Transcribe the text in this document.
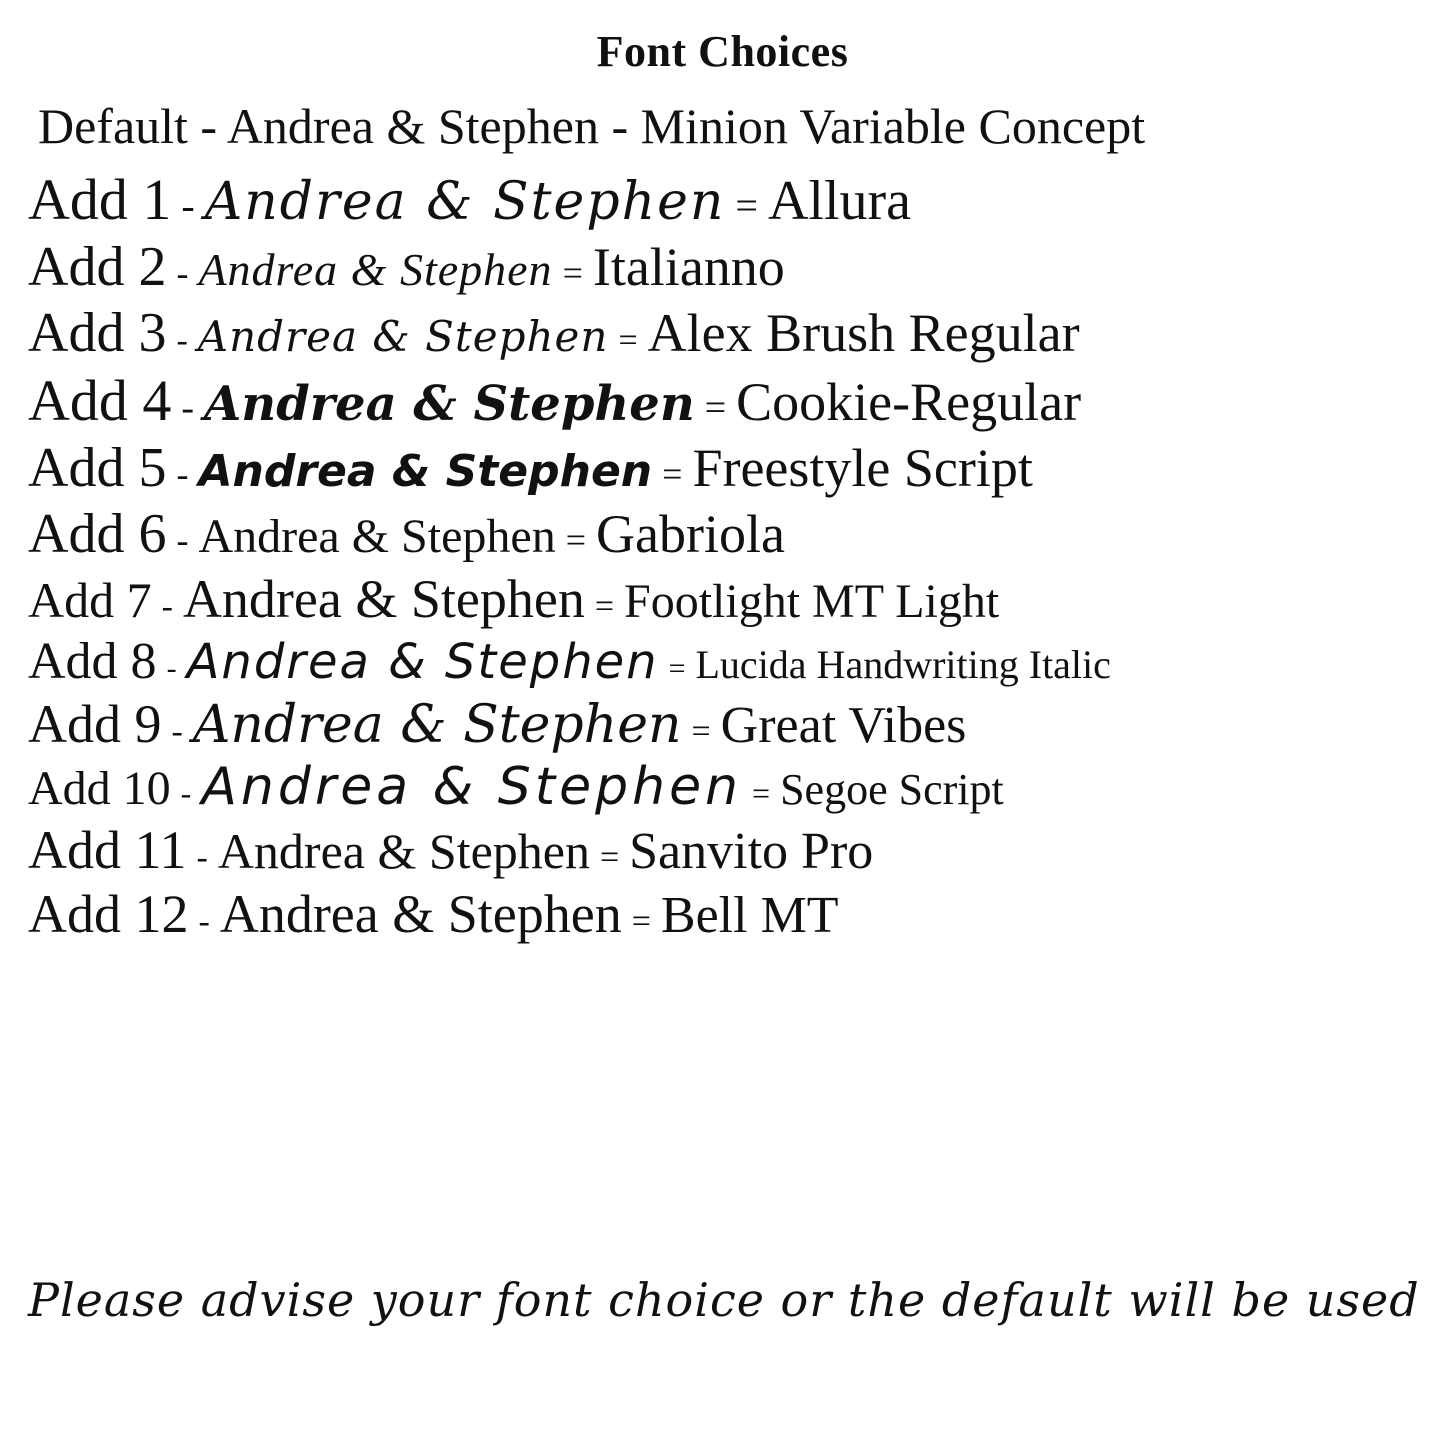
Font Choices
Default - Andrea & Stephen - Minion Variable Concept
Add 1 - Andrea & Stephen = Allura
Add 2 - Andrea & Stephen = Italianno
Add 3 - Andrea & Stephen = Alex Brush Regular
Add 4 - Andrea & Stephen = Cookie-Regular
Add 5 - Andrea & Stephen = Freestyle Script
Add 6 - Andrea & Stephen = Gabriola
Add 7 - Andrea & Stephen = Footlight MT Light
Add 8 - Andrea & Stephen = Lucida Handwriting Italic
Add 9 - Andrea & Stephen = Great Vibes
Add 10 - Andrea & Stephen = Segoe Script
Add 11 - Andrea & Stephen = Sanvito Pro
Add 12 - Andrea & Stephen = Bell MT
Please advise your font choice or the default will be used
